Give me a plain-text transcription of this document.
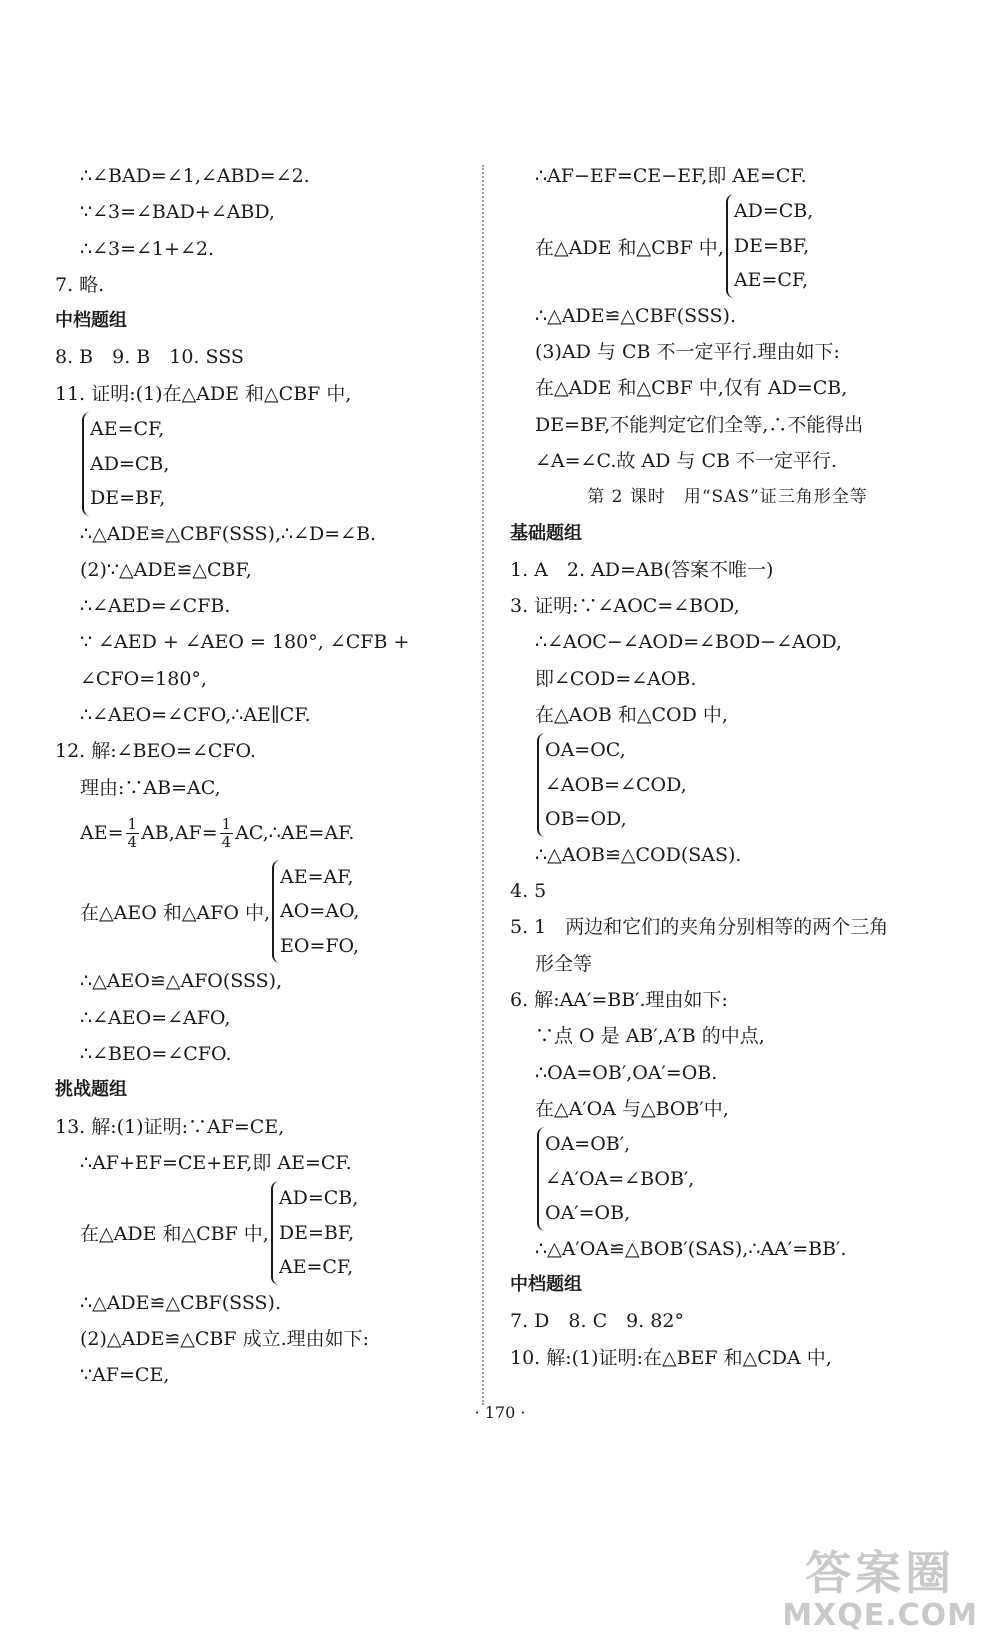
∴∠BAD=∠1,∠ABD=∠2.
∵∠3=∠BAD+∠ABD,
∴∠3=∠1+∠2.
7. 略.
中档题组
8. B　9. B　10. SSS
11. 证明:(1)在△ADE 和△CBF 中,
AE=CF,
AD=CB,
DE=BF,
∴△ADE≌△CBF(SSS),∴∠D=∠B.
(2)∵△ADE≌△CBF,
∴∠AED=∠CFB.
∵ ∠AED + ∠AEO = 180°, ∠CFB +
∠CFO=180°,
∴∠AEO=∠CFO,∴AE∥CF.
12. 解:∠BEO=∠CFO.
理由:∵AB=AC,
$AE= \frac{1}{4} AB,AF= \frac{1}{4}$ AC,∴AE=AF.
在△AEO 和△AFO 中,
AE=AF,
AO=AO,
EO=FO,
∴△AEO≌△AFO(SSS),
∴∠AEO=∠AFO,
∴∠BEO=∠CFO.
挑战题组
13. 解:(1)证明:∵AF=CE,
∴AF+EF=CE+EF,即 AE=CF.
在△ADE 和△CBF 中,
AD=CB,
DE=BF,
AE=CF,
∴△ADE≌△CBF(SSS).
(2)△ADE≌△CBF 成立.理由如下:
∵AF=CE,
∴AF−EF=CE−EF,即 AE=CF.
在△ADE 和△CBF 中,
AD=CB,
DE=BF,
AE=CF,
∴△ADE≌△CBF(SSS).
(3)AD 与 CB 不一定平行.理由如下:
在△ADE 和△CBF 中,仅有 AD=CB,
DE=BF,不能判定它们全等,∴不能得出
∠A=∠C.故 AD 与 CB 不一定平行.
第 2 课时　用“SAS”证三角形全等
基础题组
1. A　2. AD=AB(答案不唯一)
3. 证明:∵∠AOC=∠BOD,
∴∠AOC−∠AOD=∠BOD−∠AOD,
即∠COD=∠AOB.
在△AOB 和△COD 中,
OA=OC,
∠AOB=∠COD,
OB=OD,
∴△AOB≌△COD(SAS).
4. 5
5. 1　两边和它们的夹角分别相等的两个三角
形全等
6. 解:AA′=BB′.理由如下:
∵点 O 是 AB′,A′B 的中点,
∴OA=OB′,OA′=OB.
在△A′OA 与△BOB′中,
OA=OB′,
∠A′OA=∠BOB′,
OA′=OB,
∴△A′OA≌△BOB′(SAS),∴AA′=BB′.
中档题组
7. D　8. C　9. 82°
10. 解:(1)证明:在△BEF 和△CDA 中,
· 170 ·
答案圈
MXQE.COM
